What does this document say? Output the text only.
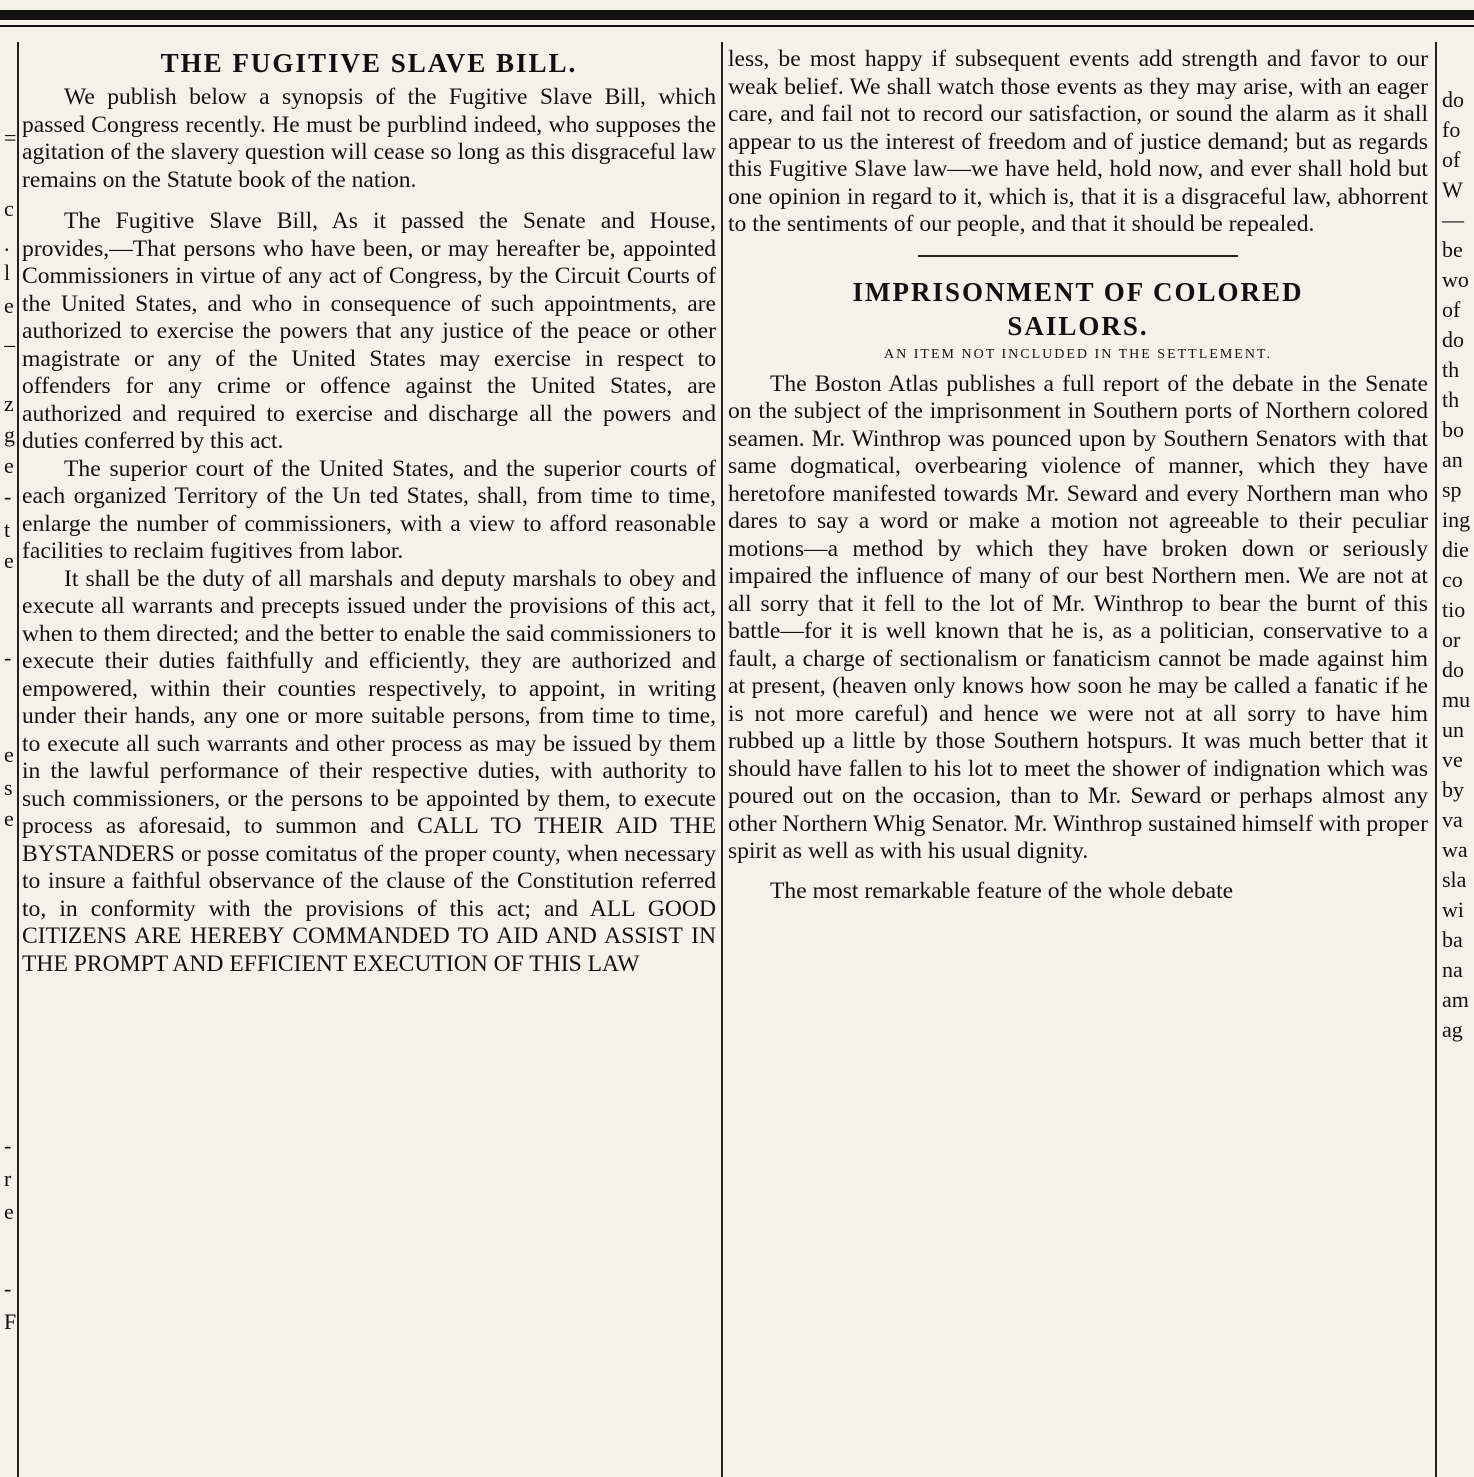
=

c

.

l

e

_

z

g

e

-

t

e

-

e

s

e

-

r

e

-

F

THE FUGITIVE SLAVE BILL.

We publish below a synopsis of the Fugitive Slave Bill, which passed Congress recently. He must be purblind indeed, who supposes the agitation of the slavery question will cease so long as this disgraceful law remains on the Statute book of the nation.

The Fugitive Slave Bill, As it passed the Senate and House, provides,—That persons who have been, or may hereafter be, appointed Commissioners in virtue of any act of Congress, by the Circuit Courts of the United States, and who in consequence of such appointments, are authorized to exercise the powers that any justice of the peace or other magistrate or any of the United States may exercise in respect to offenders for any crime or offence against the United States, are authorized and required to exercise and discharge all the powers and duties conferred by this act.

The superior court of the United States, and the superior courts of each organized Territory of the Un ted States, shall, from time to time, enlarge the number of commissioners, with a view to afford reasonable facilities to reclaim fugitives from labor.

It shall be the duty of all marshals and deputy marshals to obey and execute all warrants and precepts issued under the provisions of this act, when to them directed; and the better to enable the said commissioners to execute their duties faithfully and efficiently, they are authorized and empowered, within their counties respectively, to appoint, in writing under their hands, any one or more suitable persons, from time to time, to execute all such warrants and other process as may be issued by them in the lawful performance of their respective duties, with authority to such commissioners, or the persons to be appointed by them, to execute process as aforesaid, to summon and CALL TO THEIR AID THE BYSTANDERS or posse comitatus of the proper county, when necessary to insure a faithful observance of the clause of the Constitution referred to, in conformity with the provisions of this act; and ALL GOOD CITIZENS ARE HEREBY COMMANDED TO AID AND ASSIST IN THE PROMPT AND EFFICIENT EXECUTION OF THIS LAW

less, be most happy if subsequent events add strength and favor to our weak belief. We shall watch those events as they may arise, with an eager care, and fail not to record our satisfaction, or sound the alarm as it shall appear to us the interest of freedom and of justice demand; but as regards this Fugitive Slave law—we have held, hold now, and ever shall hold but one opinion in regard to it, which is, that it is a disgraceful law, abhorrent to the sentiments of our people, and that it should be repealed.

IMPRISONMENT OF COLORED
SAILORS.

AN ITEM NOT INCLUDED IN THE SETTLEMENT.

The Boston Atlas publishes a full report of the debate in the Senate on the subject of the imprisonment in Southern ports of Northern colored seamen. Mr. Winthrop was pounced upon by Southern Senators with that same dogmatical, overbearing violence of manner, which they have heretofore manifested towards Mr. Seward and every Northern man who dares to say a word or make a motion not agreeable to their peculiar motions—a method by which they have broken down or seriously impaired the influence of many of our best Northern men. We are not at all sorry that it fell to the lot of Mr. Winthrop to bear the burnt of this battle—for it is well known that he is, as a politician, conservative to a fault, a charge of sectionalism or fanaticism cannot be made against him at present, (heaven only knows how soon he may be called a fanatic if he is not more careful) and hence we were not at all sorry to have him rubbed up a little by those Southern hotspurs. It was much better that it should have fallen to his lot to meet the shower of indignation which was poured out on the occasion, than to Mr. Seward or perhaps almost any other Northern Whig Senator. Mr. Winthrop sustained himself with proper spirit as well as with his usual dignity.

The most remarkable feature of the whole debate

do

fo

of

W

—

be

wo

of

do

th

th

bo

an

sp

ing

die

co

tio

or

do

mu

un

ve

by

va

wa

sla

wi

ba

na

am

ag
